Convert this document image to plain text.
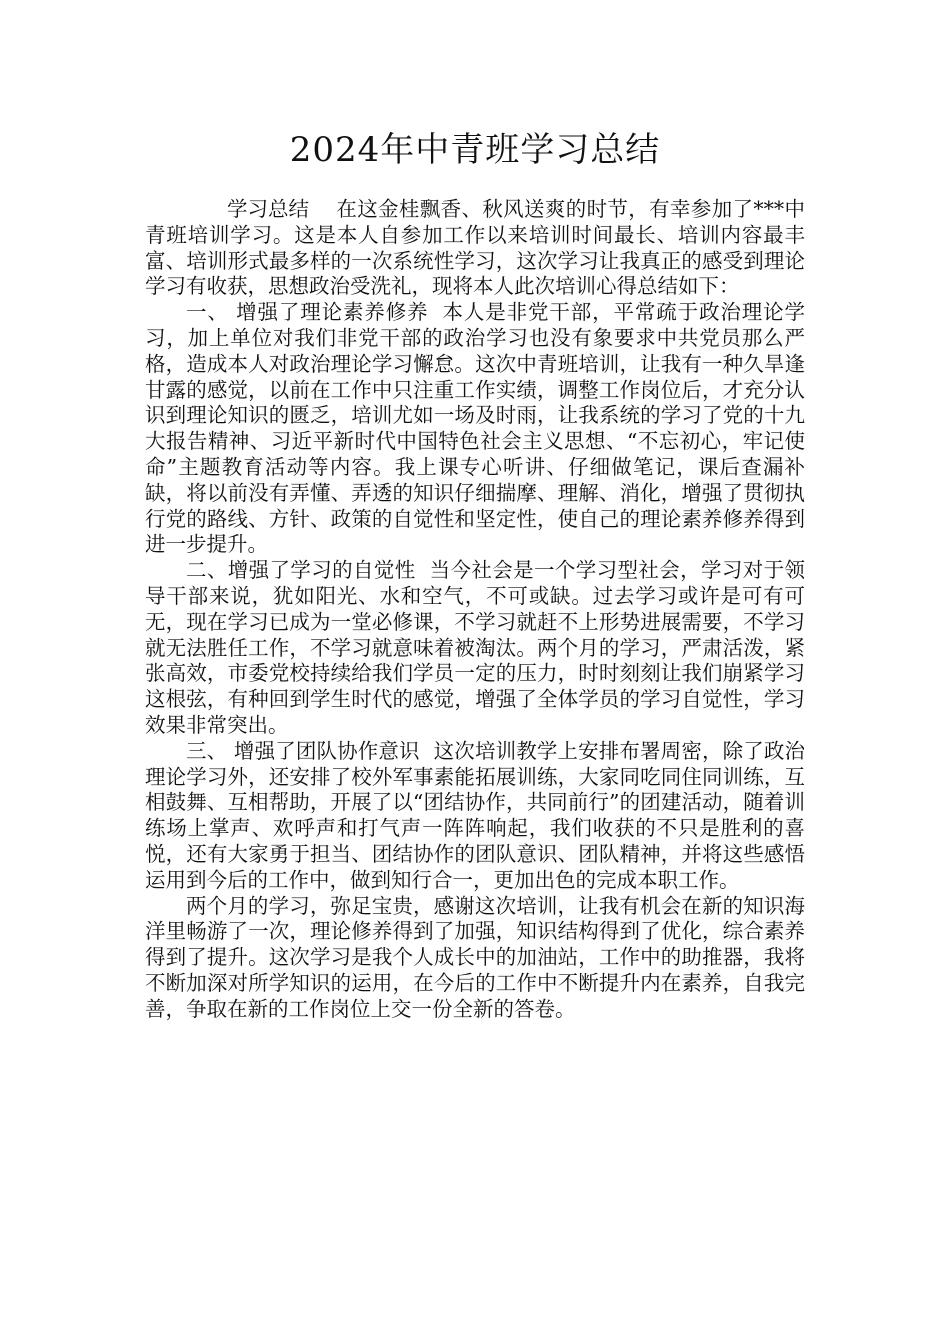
2024年中青班学习总结

学习总结 在这金桂飘香、秋风送爽的时节，有幸参加了***中青班培训学习。这是本人自参加工作以来培训时间最长、培训内容最丰富、培训形式最多样的一次系统性学习，这次学习让我真正的感受到理论学习有收获，思想政治受洗礼，现将本人此次培训心得总结如下：

一、 增强了理论素养修养 本人是非党干部，平常疏于政治理论学习，加上单位对我们非党干部的政治学习也没有象要求中共党员那么严格，造成本人对政治理论学习懈怠。这次中青班培训，让我有一种久旱逢甘露的感觉，以前在工作中只注重工作实绩，调整工作岗位后，才充分认识到理论知识的匮乏，培训尤如一场及时雨，让我系统的学习了党的十九大报告精神、习近平新时代中国特色社会主义思想、“不忘初心，牢记使命”主题教育活动等内容。我上课专心听讲、仔细做笔记，课后查漏补缺，将以前没有弄懂、弄透的知识仔细揣摩、理解、消化，增强了贯彻执行党的路线、方针、政策的自觉性和坚定性，使自己的理论素养修养得到进一步提升。

二、增强了学习的自觉性 当今社会是一个学习型社会，学习对于领导干部来说，犹如阳光、水和空气，不可或缺。过去学习或许是可有可无，现在学习已成为一堂必修课，不学习就赶不上形势进展需要，不学习就无法胜任工作，不学习就意味着被淘汰。两个月的学习，严肃活泼，紧张高效，市委党校持续给我们学员一定的压力，时时刻刻让我们崩紧学习这根弦，有种回到学生时代的感觉，增强了全体学员的学习自觉性，学习效果非常突出。

三、 增强了团队协作意识 这次培训教学上安排布署周密，除了政治理论学习外，还安排了校外军事素能拓展训练，大家同吃同住同训练，互相鼓舞、互相帮助，开展了以“团结协作，共同前行”的团建活动，随着训练场上掌声、欢呼声和打气声一阵阵响起，我们收获的不只是胜利的喜悦，还有大家勇于担当、团结协作的团队意识、团队精神，并将这些感悟运用到今后的工作中，做到知行合一，更加出色的完成本职工作。

两个月的学习，弥足宝贵，感谢这次培训，让我有机会在新的知识海洋里畅游了一次，理论修养得到了加强，知识结构得到了优化，综合素养得到了提升。这次学习是我个人成长中的加油站，工作中的助推器，我将不断加深对所学知识的运用，在今后的工作中不断提升内在素养，自我完善，争取在新的工作岗位上交一份全新的答卷。
